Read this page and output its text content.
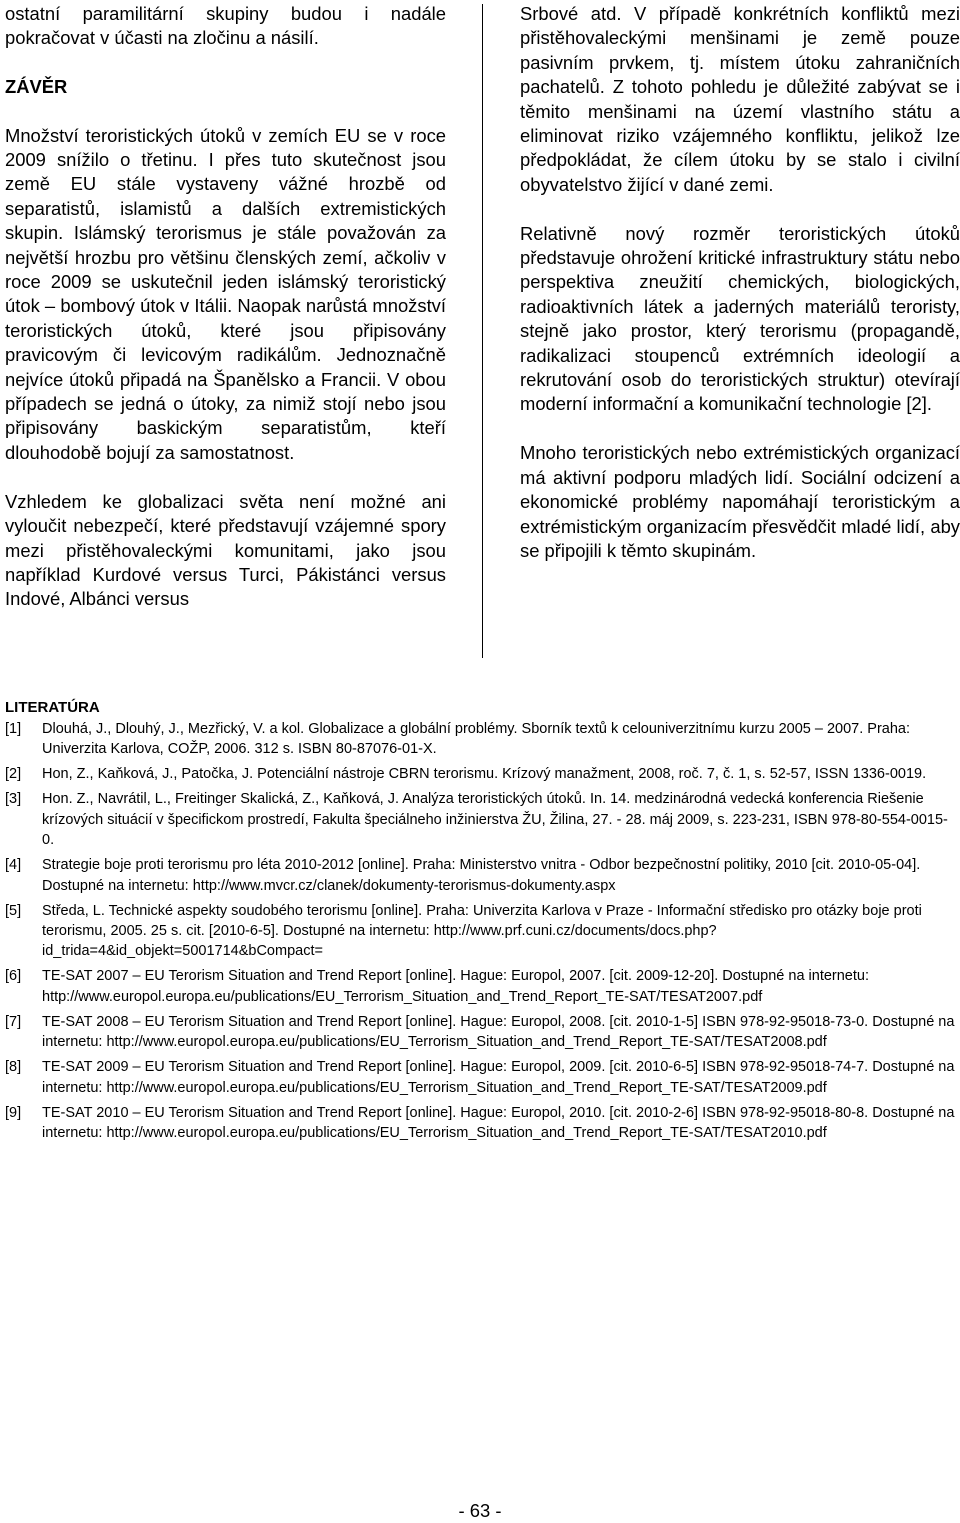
ostatní paramilitární skupiny budou i nadále pokračovat v účasti na zločinu a násilí.

ZÁVĚR

Množství teroristických útoků v zemích EU se v roce 2009 snížilo o třetinu. I přes tuto skutečnost jsou země EU stále vystaveny vážné hrozbě od separatistů, islamistů a dalších extremistických skupin. Islámský terorismus je stále považován za největší hrozbu pro většinu členských zemí, ačkoliv v roce 2009 se uskutečnil jeden islámský teroristický útok – bombový útok v Itálii. Naopak narůstá množství teroristických útoků, které jsou připisovány pravicovým či levicovým radikálům. Jednoznačně nejvíce útoků připadá na Španělsko a Francii. V obou případech se jedná o útoky, za nimiž stojí nebo jsou připisovány baskickým separatistům, kteří dlouhodobě bojují za samostatnost.

Vzhledem ke globalizaci světa není možné ani vyloučit nebezpečí, které představují vzájemné spory mezi přistěhovaleckými komunitami, jako jsou například Kurdové versus Turci, Pákistánci versus Indové, Albánci versus

Srbové atd. V případě konkrétních konfliktů mezi přistěhovaleckými menšinami je země pouze pasivním prvkem, tj. místem útoku zahraničních pachatelů. Z tohoto pohledu je důležité zabývat se i těmito menšinami na území vlastního státu a eliminovat riziko vzájemného konfliktu, jelikož lze předpokládat, že cílem útoku by se stalo i civilní obyvatelstvo žijící v dané zemi.

Relativně nový rozměr teroristických útoků představuje ohrožení kritické infrastruktury státu nebo perspektiva zneužití chemických, biologických, radioaktivních látek a jaderných materiálů teroristy, stejně jako prostor, který terorismu (propagandě, radikalizaci stoupenců extrémních ideologií a rekrutování osob do teroristických struktur) otevírají moderní informační a komunikační technologie [2].

Mnoho teroristických nebo extrémistických organizací má aktivní podporu mladých lidí. Sociální odcizení a ekonomické problémy napomáhají teroristickým a extrémistickým organizacím přesvědčit mladé lidí, aby se připojili k těmto skupinám.

LITERATÚRA
[1]	Dlouhá, J., Dlouhý, J., Mezřický, V. a kol. Globalizace a globální problémy. Sborník textů k celouniverzitnímu kurzu 2005 – 2007. Praha: Univerzita Karlova, COŽP, 2006. 312 s. ISBN 80-87076-01-X.
[2]	Hon, Z., Kaňková, J., Patočka, J. Potenciální nástroje CBRN terorismu. Krízový manažment, 2008, roč. 7, č. 1, s. 52-57, ISSN 1336-0019.
[3]	Hon. Z., Navrátil, L., Freitinger Skalická, Z., Kaňková, J. Analýza teroristických útoků. In. 14. medzinárodná vedecká konferencia Riešenie krízových situácií v špecifickom prostredí, Fakulta špeciálneho inžinierstva ŽU, Žilina, 27. - 28. máj 2009, s. 223-231, ISBN 978-80-554-0015-0.
[4]	Strategie boje proti terorismu pro léta 2010-2012 [online]. Praha: Ministerstvo vnitra - Odbor bezpečnostní politiky, 2010 [cit. 2010-05-04]. Dostupné na internetu: http://www.mvcr.cz/clanek/dokumenty-terorismus-dokumenty.aspx
[5]	Středa, L. Technické aspekty soudobého terorismu [online]. Praha: Univerzita Karlova v Praze - Informační středisko pro otázky boje proti terorismu, 2005. 25 s. cit. [2010-6-5]. Dostupné na internetu: http://www.prf.cuni.cz/documents/docs.php?id_trida=4&id_objekt=5001714&bCompact=
[6]	TE-SAT 2007 – EU Terorism Situation and Trend Report [online]. Hague: Europol, 2007. [cit. 2009-12-20]. Dostupné na internetu: http://www.europol.europa.eu/publications/EU_Terrorism_Situation_and_Trend_Report_TE-SAT/TESAT2007.pdf
[7]	TE-SAT 2008 – EU Terorism Situation and Trend Report [online]. Hague: Europol, 2008. [cit. 2010-1-5] ISBN 978-92-95018-73-0. Dostupné na internetu: http://www.europol.europa.eu/publications/EU_Terrorism_Situation_and_Trend_Report_TE-SAT/TESAT2008.pdf
[8]	TE-SAT 2009 – EU Terorism Situation and Trend Report [online]. Hague: Europol, 2009. [cit. 2010-6-5] ISBN 978-92-95018-74-7. Dostupné na internetu: http://www.europol.europa.eu/publications/EU_Terrorism_Situation_and_Trend_Report_TE-SAT/TESAT2009.pdf
[9]	TE-SAT 2010 – EU Terorism Situation and Trend Report [online]. Hague: Europol, 2010. [cit. 2010-2-6] ISBN 978-92-95018-80-8. Dostupné na internetu: http://www.europol.europa.eu/publications/EU_Terrorism_Situation_and_Trend_Report_TE-SAT/TESAT2010.pdf
- 63 -
